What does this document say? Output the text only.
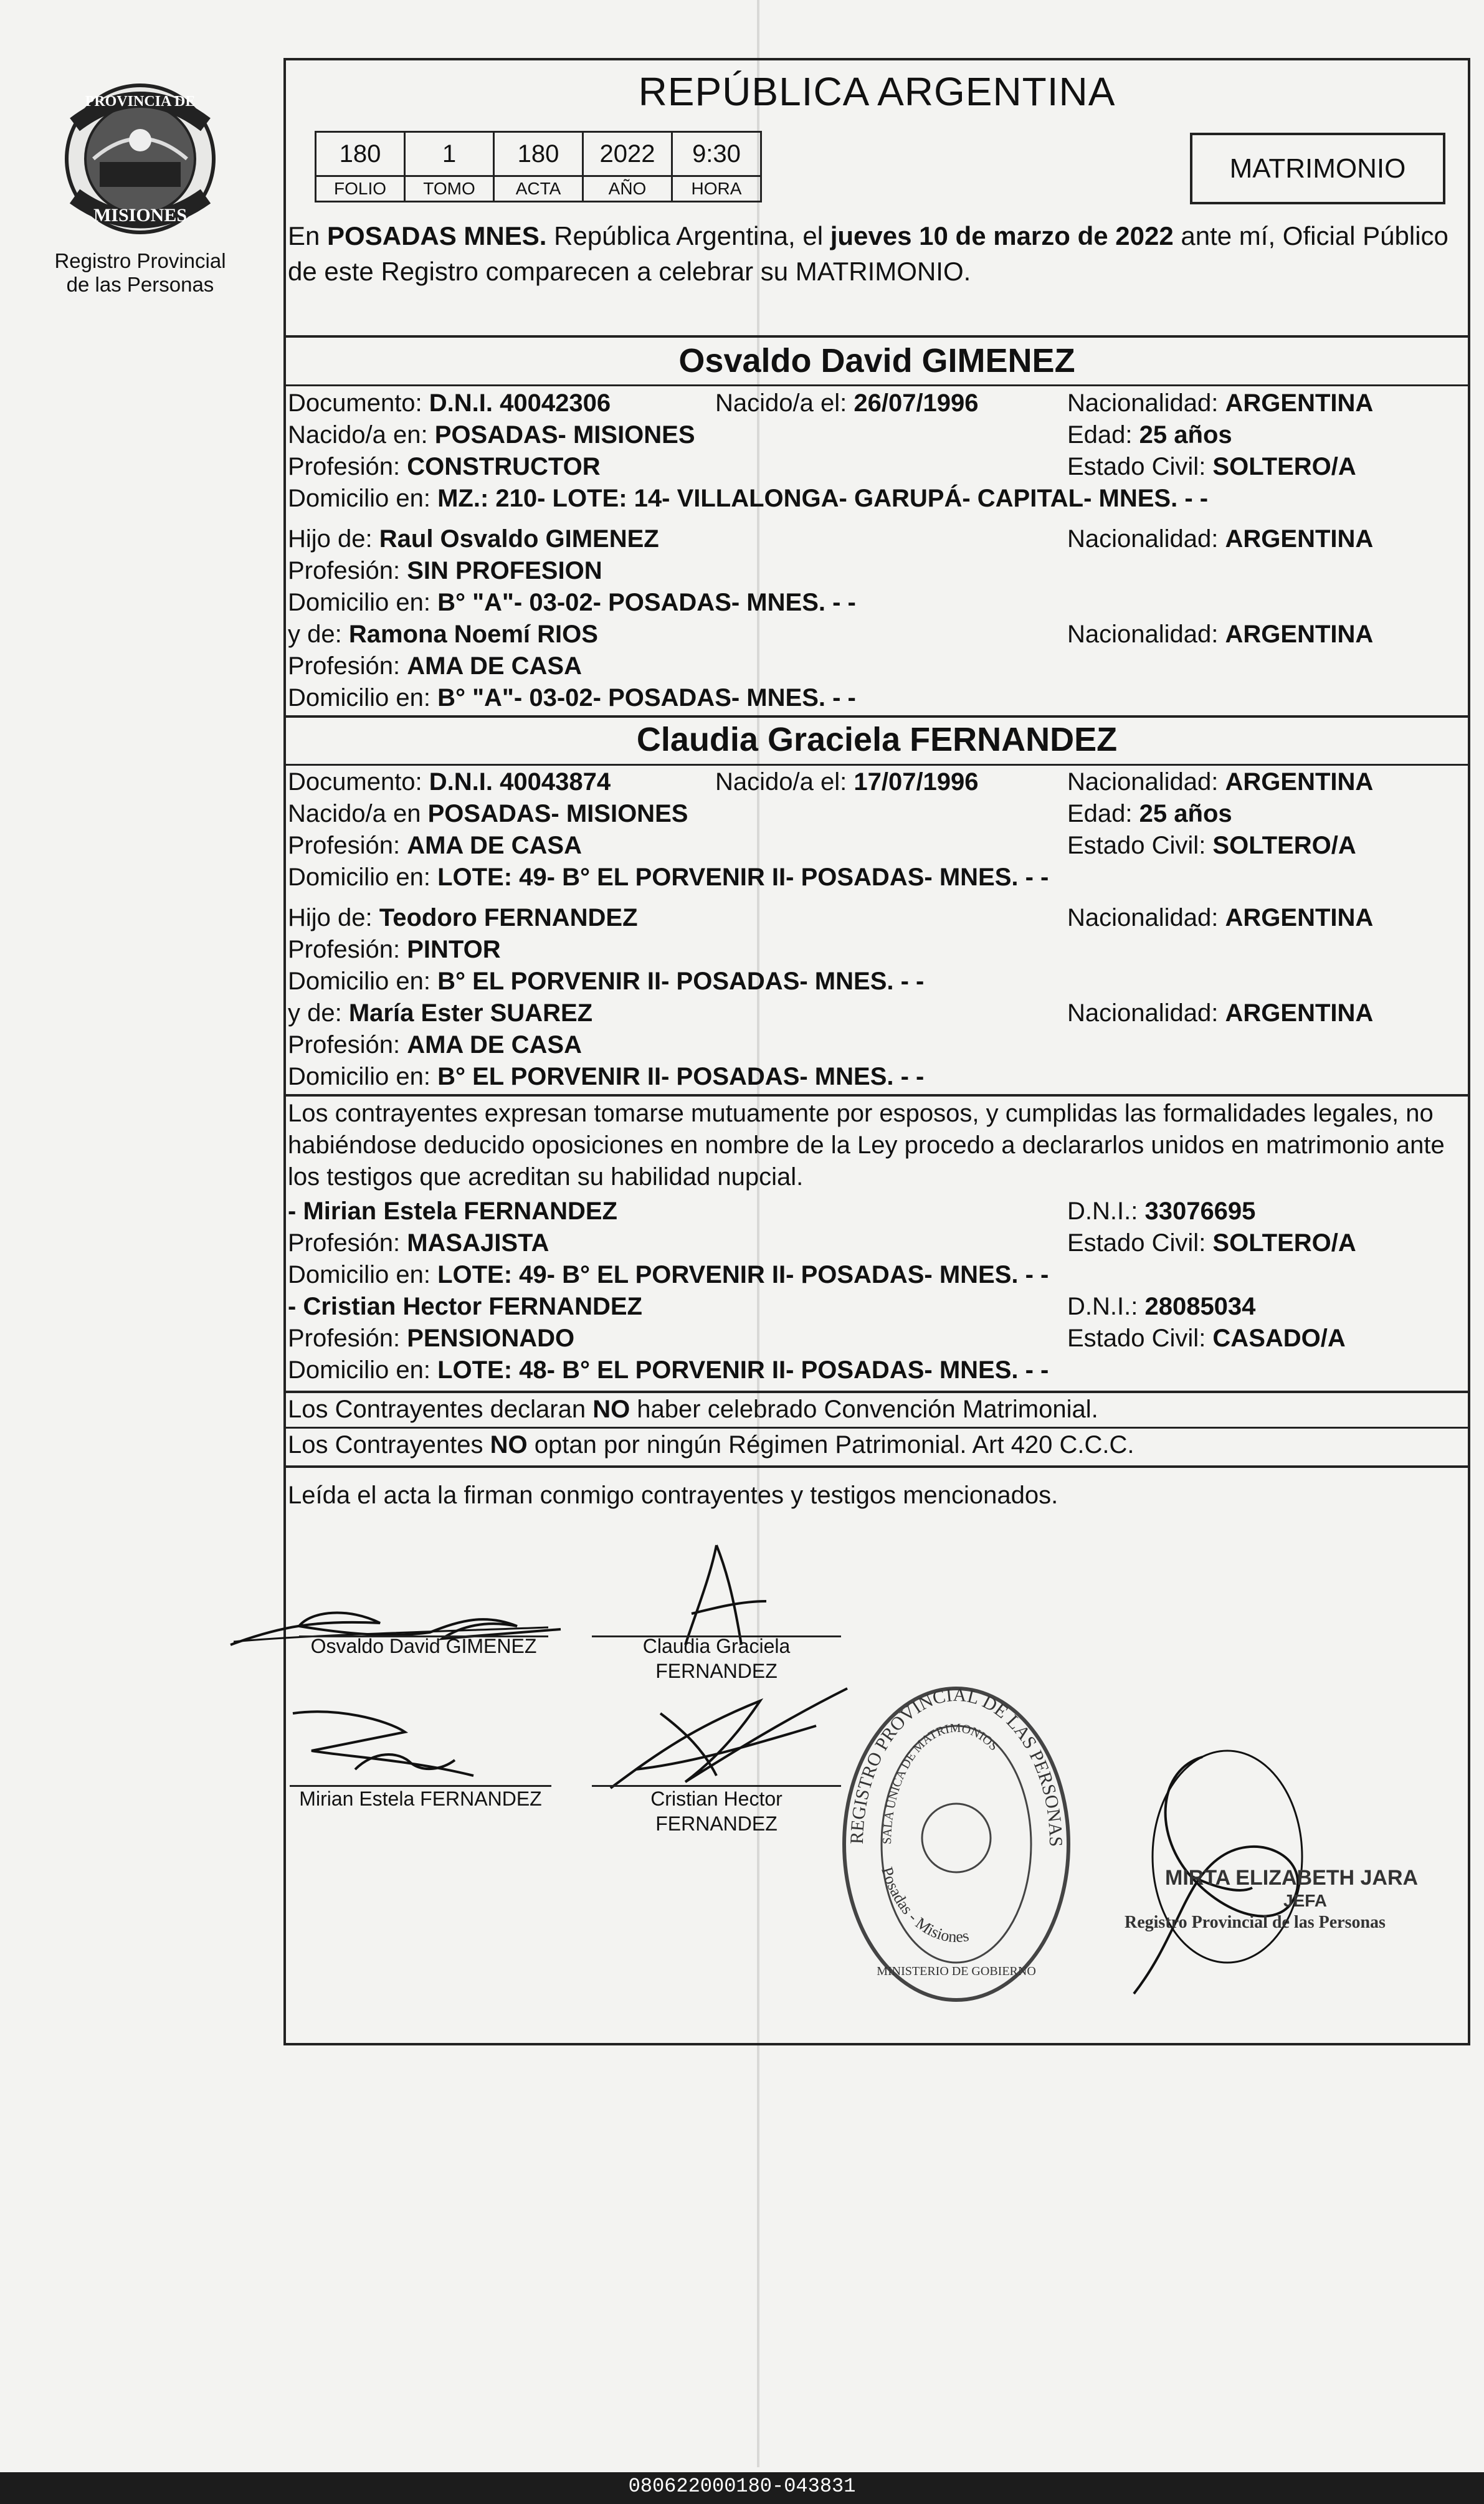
PROVINCIA DE
MISIONES
Registro Provincial
de las Personas
REPÚBLICA ARGENTINA
180	1	180	2022	9:30
FOLIO	TOMO	ACTA	AÑO	HORA
MATRIMONIO
En POSADAS MNES. República Argentina, el jueves 10 de marzo de 2022 ante mí, Oficial Público de este Registro comparecen a celebrar su MATRIMONIO.
Osvaldo David GIMENEZ
Documento: D.N.I. 40042306	Nacido/a el: 26/07/1996	Nacionalidad: ARGENTINA
Nacido/a en: POSADAS- MISIONES	Edad: 25 años
Profesión: CONSTRUCTOR	Estado Civil: SOLTERO/A
Domicilio en: MZ.: 210- LOTE: 14- VILLALONGA- GARUPÁ- CAPITAL- MNES. - -
Hijo de: Raul Osvaldo GIMENEZ	Nacionalidad: ARGENTINA
Profesión: SIN PROFESION
Domicilio en: B° "A"- 03-02- POSADAS- MNES. - -
y de: Ramona Noemí RIOS	Nacionalidad: ARGENTINA
Profesión: AMA DE CASA
Domicilio en: B° "A"- 03-02- POSADAS- MNES. - -
Claudia Graciela FERNANDEZ
Documento: D.N.I. 40043874	Nacido/a el: 17/07/1996	Nacionalidad: ARGENTINA
Nacido/a en POSADAS- MISIONES	Edad: 25 años
Profesión: AMA DE CASA	Estado Civil: SOLTERO/A
Domicilio en: LOTE: 49- B° EL PORVENIR II- POSADAS- MNES. - -
Hijo de: Teodoro FERNANDEZ	Nacionalidad: ARGENTINA
Profesión: PINTOR
Domicilio en: B° EL PORVENIR II- POSADAS- MNES. - -
y de: María Ester SUAREZ	Nacionalidad: ARGENTINA
Profesión: AMA DE CASA
Domicilio en: B° EL PORVENIR II- POSADAS- MNES. - -
Los contrayentes expresan tomarse mutuamente por esposos, y cumplidas las formalidades legales, no habiéndose deducido oposiciones en nombre de la Ley procedo a declararlos unidos en matrimonio ante los testigos que acreditan su habilidad nupcial.
- Mirian Estela FERNANDEZ	D.N.I.: 33076695
Profesión: MASAJISTA	Estado Civil: SOLTERO/A
Domicilio en: LOTE: 49- B° EL PORVENIR II- POSADAS- MNES. - -
- Cristian Hector FERNANDEZ	D.N.I.: 28085034
Profesión: PENSIONADO	Estado Civil: CASADO/A
Domicilio en: LOTE: 48- B° EL PORVENIR II- POSADAS- MNES. - -
Los Contrayentes declaran NO haber celebrado Convención Matrimonial.
Los Contrayentes NO optan por ningún Régimen Patrimonial. Art 420 C.C.C.
Leída el acta la firman conmigo contrayentes y testigos mencionados.
Osvaldo David GIMENEZ	Claudia Graciela
FERNANDEZ
Mirian Estela FERNANDEZ	Cristian Hector
FERNANDEZ
REGISTRO PROVINCIAL DE LAS PERSONAS
SALA UNICA DE MATRIMONIOS
Posadas - Misiones
MINISTERIO DE GOBIERNO
MIRTA ELIZABETH JARA
JEFA
Registro Provincial de las Personas
080622000180-043831
